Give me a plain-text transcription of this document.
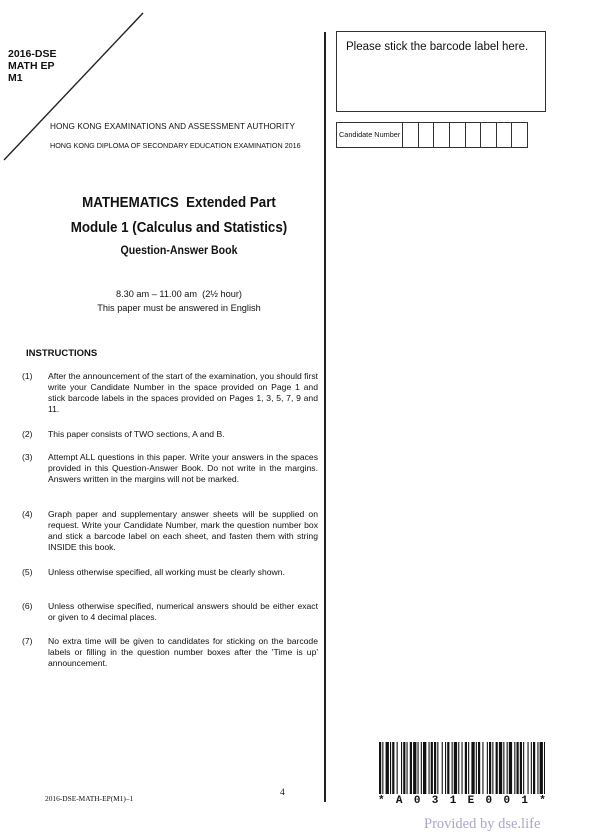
2016-DSE
MATH EP
M1
HONG KONG EXAMINATIONS AND ASSESSMENT AUTHORITY
HONG KONG DIPLOMA OF SECONDARY EDUCATION EXAMINATION 2016
Please stick the barcode label here.
Candidate Number
MATHEMATICS  Extended Part
Module 1 (Calculus and Statistics)
Question-Answer Book
8.30 am – 11.00 am  (2½ hour)
This paper must be answered in English
INSTRUCTIONS
(1)	After the announcement of the start of the examination, you should first write your Candidate Number in the space provided on Page 1 and stick barcode labels in the spaces provided on Pages 1, 3, 5, 7, 9 and 11.
(2)	This paper consists of TWO sections, A and B.
(3)	Attempt ALL questions in this paper. Write your answers in the spaces provided in this Question-Answer Book. Do not write in the margins. Answers written in the margins will not be marked.
(4)	Graph paper and supplementary answer sheets will be supplied on request. Write your Candidate Number, mark the question number box and stick a barcode label on each sheet, and fasten them with string INSIDE this book.
(5)	Unless otherwise specified, all working must be clearly shown.
(6)	Unless otherwise specified, numerical answers should be either exact or given to 4 decimal places.
(7)	No extra time will be given to candidates for sticking on the barcode labels or filling in the question number boxes after the 'Time is up' announcement.
2016-DSE-MATH-EP(M1)–1
4
* A 0 3 1 E 0 0 1 *
Provided by dse.life
